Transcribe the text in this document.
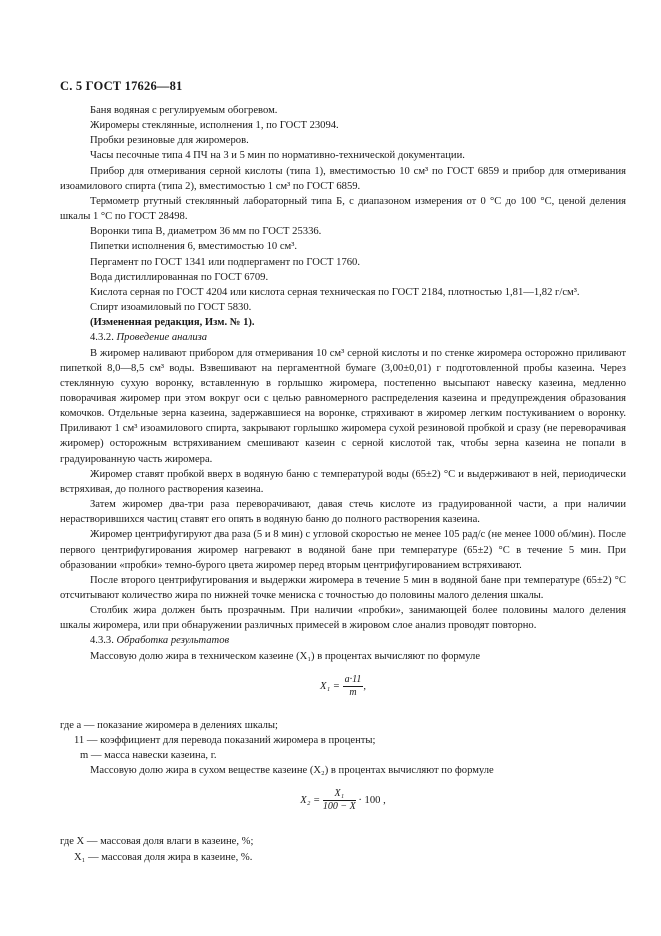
С. 5 ГОСТ 17626—81

Баня водяная с регулируемым обогревом.

Жиромеры стеклянные, исполнения 1, по ГОСТ 23094.

Пробки резиновые для жиромеров.

Часы песочные типа 4 ПЧ на 3 и 5 мин по нормативно-технической документации.

Прибор для отмеривания серной кислоты (типа 1), вместимостью 10 см³ по ГОСТ 6859 и прибор для отмеривания изоамилового спирта (типа 2), вместимостью 1 см³ по ГОСТ 6859.

Термометр ртутный стеклянный лабораторный типа Б, с диапазоном измерения от 0 °С до 100 °С, ценой деления шкалы 1 °С по ГОСТ 28498.

Воронки типа В, диаметром 36 мм по ГОСТ 25336.

Пипетки исполнения 6, вместимостью 10 см³.

Пергамент по ГОСТ 1341 или подпергамент по ГОСТ 1760.

Вода дистиллированная по ГОСТ 6709.

Кислота серная по ГОСТ 4204 или кислота серная техническая по ГОСТ 2184, плотностью 1,81—1,82 г/см³.

Спирт изоамиловый по ГОСТ 5830.

(Измененная редакция, Изм. № 1).

4.3.2. Проведение анализа

В жиромер наливают прибором для отмеривания 10 см³ серной кислоты и по стенке жиромера осторожно приливают пипеткой 8,0—8,5 см³ воды. Взвешивают на пергаментной бумаге (3,00±0,01) г подготовленной пробы казеина. Через стеклянную сухую воронку, вставленную в горлышко жиромера, постепенно высыпают навеску казеина, медленно поворачивая жиромер при этом вокруг оси с целью равномерного распределения казеина и предупреждения образования комочков. Отдельные зерна казеина, задержавшиеся на воронке, стряхивают в жиромер легким постукиванием о воронку. Приливают 1 см³ изоамилового спирта, закрывают горлышко жиромера сухой резиновой пробкой и сразу (не переворачивая жиромер) осторожным встряхиванием смешивают казеин с серной кислотой так, чтобы зерна казеина не попали в градуированную часть жиромера.

Жиромер ставят пробкой вверх в водяную баню с температурой воды (65±2) °С и выдерживают в ней, периодически встряхивая, до полного растворения казеина.

Затем жиромер два-три раза переворачивают, давая стечь кислоте из градуированной части, а при наличии нерастворившихся частиц ставят его опять в водяную баню до полного растворения казеина.

Жиромер центрифугируют два раза (5 и 8 мин) с угловой скоростью не менее 105 рад/с (не менее 1000 об/мин). После первого центрифугирования жиромер нагревают в водяной бане при температуре (65±2) °С в течение 5 мин. При образовании «пробки» темно-бурого цвета жиромер перед вторым центрифугированием встряхивают.

После второго центрифугирования и выдержки жиромера в течение 5 мин в водяной бане при температуре (65±2) °С отсчитывают количество жира по нижней точке мениска с точностью до половины малого деления шкалы.

Столбик жира должен быть прозрачным. При наличии «пробки», занимающей более половины малого деления шкалы жиромера, или при обнаружении различных примесей в жировом слое анализ проводят повторно.

4.3.3. Обработка результатов

Массовую долю жира в техническом казеине (X₁) в процентах вычисляют по формуле

$X_1 = \frac{a\cdot 11}{m}$ ,

где a — показание жиромера в делениях шкалы;

11 — коэффициент для перевода показаний жиромера в проценты;

m — масса навески казеина, г.

Массовую долю жира в сухом веществе казеине (X₂) в процентах вычисляют по формуле

$X_2 = \frac{\text{X₁}}{100 - X} \cdot 100$ ,

где X — массовая доля влаги в казеине, %;

X₁ — массовая доля жира в казеине, %.
